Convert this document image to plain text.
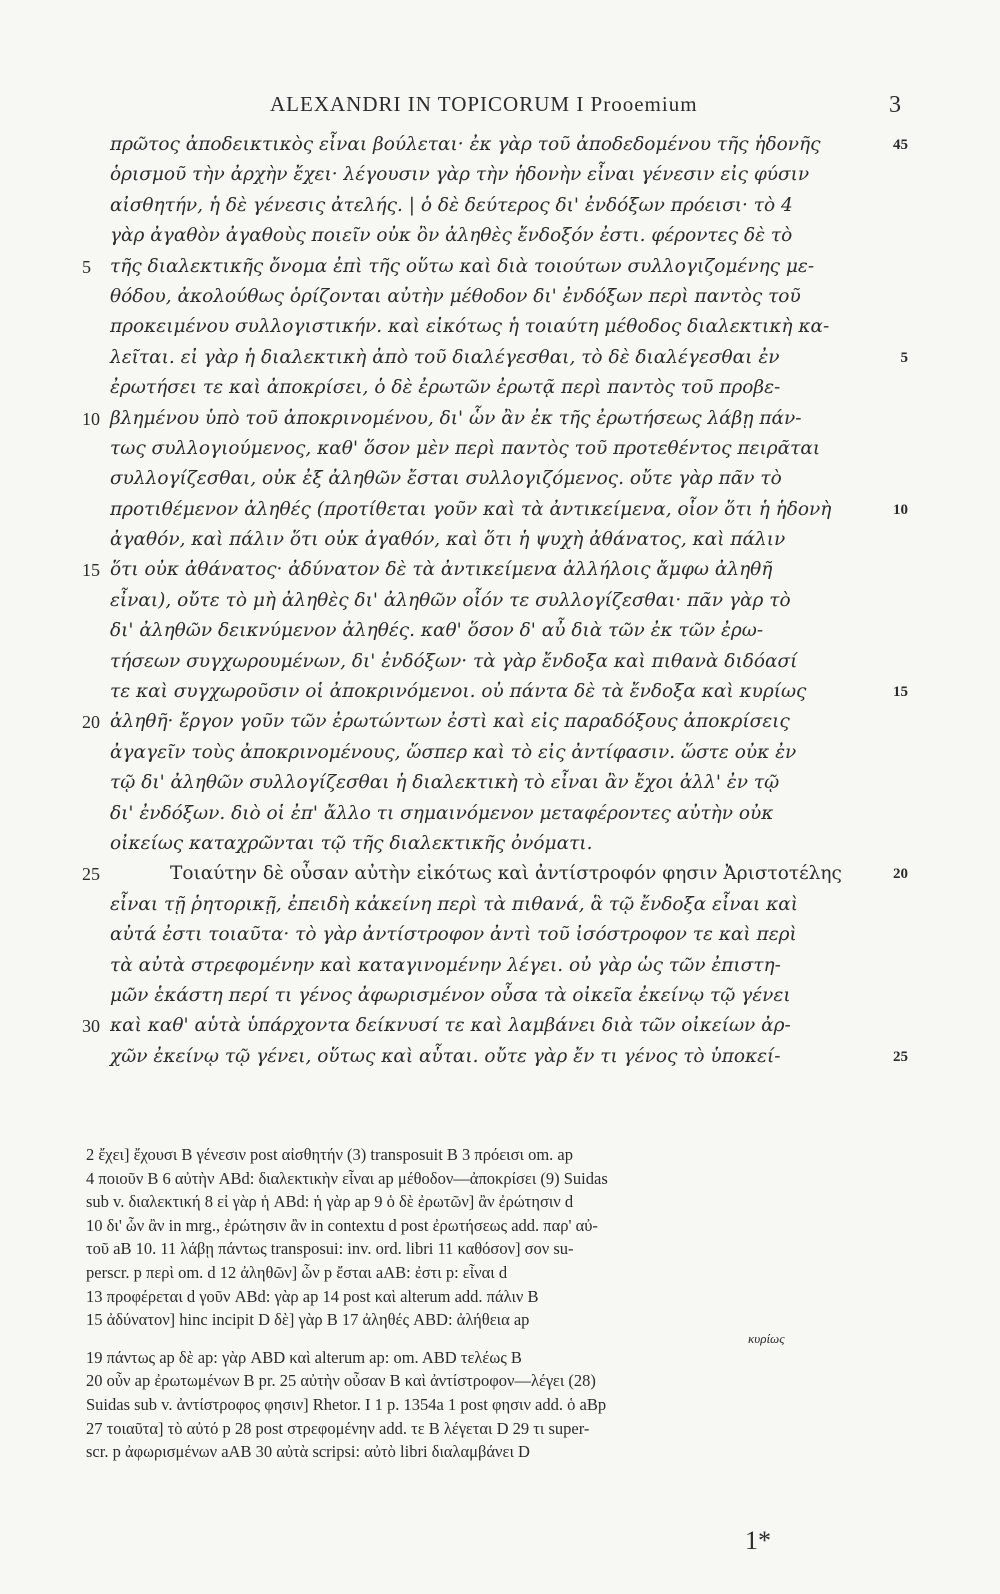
ALEXANDRI IN TOPICORUM I Prooemium	3
πρῶτος ἀποδεικτικὸς εἶναι βούλεται· ἐκ γὰρ τοῦ ἀποδεδομένου τῆς ἡδονῆς	45
ὁρισμοῦ τὴν ἀρχὴν ἔχει· λέγουσιν γὰρ τὴν ἡδονὴν εἶναι γένεσιν εἰς φύσιν
αἰσθητήν, ἡ δὲ γένεσις ἀτελής. | ὁ δὲ δεύτερος δι' ἐνδόξων πρόεισι· τὸ 4
γὰρ ἀγαθὸν ἀγαθοὺς ποιεῖν οὐκ ὂν ἀληθὲς ἔνδοξόν ἐστι. φέροντες δὲ τὸ
5 τῆς διαλεκτικῆς ὄνομα ἐπὶ τῆς οὕτω καὶ διὰ τοιούτων συλλογιζομένης με-
θόδου, ἀκολούθως ὁρίζονται αὐτὴν μέθοδον δι' ἐνδόξων περὶ παντὸς τοῦ
προκειμένου συλλογιστικήν. καὶ εἰκότως ἡ τοιαύτη μέθοδος διαλεκτικὴ κα-
λεῖται. εἰ γὰρ ἡ διαλεκτικὴ ἀπὸ τοῦ διαλέγεσθαι, τὸ δὲ διαλέγεσθαι ἐν	5
ἐρωτήσει τε καὶ ἀποκρίσει, ὁ δὲ ἐρωτῶν ἐρωτᾷ περὶ παντὸς τοῦ προβε-
10 βλημένου ὑπὸ τοῦ ἀποκρινομένου, δι' ὧν ἂν ἐκ τῆς ἐρωτήσεως λάβῃ πάν-
τως συλλογιούμενος, καθ' ὅσον μὲν περὶ παντὸς τοῦ προτεθέντος πειρᾶται
συλλογίζεσθαι, οὐκ ἐξ ἀληθῶν ἔσται συλλογιζόμενος. οὔτε γὰρ πᾶν τὸ
προτιθέμενον ἀληθές (προτίθεται γοῦν καὶ τὰ ἀντικείμενα, οἷον ὅτι ἡ ἡδονὴ	10
ἀγαθόν, καὶ πάλιν ὅτι οὐκ ἀγαθόν, καὶ ὅτι ἡ ψυχὴ ἀθάνατος, καὶ πάλιν
15 ὅτι οὐκ ἀθάνατος· ἀδύνατον δὲ τὰ ἀντικείμενα ἀλλήλοις ἄμφω ἀληθῆ
εἶναι), οὔτε τὸ μὴ ἀληθὲς δι' ἀληθῶν οἷόν τε συλλογίζεσθαι· πᾶν γὰρ τὸ
δι' ἀληθῶν δεικνύμενον ἀληθές. καθ' ὅσον δ' αὖ διὰ τῶν ἐκ τῶν ἐρω-
τήσεων συγχωρουμένων, δι' ἐνδόξων· τὰ γὰρ ἔνδοξα καὶ πιθανὰ διδόασί
τε καὶ συγχωροῦσιν οἱ ἀποκρινόμενοι. οὐ πάντα δὲ τὰ ἔνδοξα καὶ κυρίως	15
20 ἀληθῆ· ἔργον γοῦν τῶν ἐρωτώντων ἐστὶ καὶ εἰς παραδόξους ἀποκρίσεις
ἀγαγεῖν τοὺς ἀποκρινομένους, ὥσπερ καὶ τὸ εἰς ἀντίφασιν. ὥστε οὐκ ἐν
τῷ δι' ἀληθῶν συλλογίζεσθαι ἡ διαλεκτικὴ τὸ εἶναι ἂν ἔχοι ἀλλ' ἐν τῷ
δι' ἐνδόξων. διὸ οἱ ἐπ' ἄλλο τι σημαινόμενον μεταφέροντες αὐτὴν οὐκ
οἰκείως καταχρῶνται τῷ τῆς διαλεκτικῆς ὀνόματι.
25	Τοιαύτην δὲ οὖσαν αὐτὴν εἰκότως καὶ ἀντίστροφόν φησιν Ἀριστοτέλης	20
εἶναι τῇ ῥητορικῇ, ἐπειδὴ κἀκείνη περὶ τὰ πιθανά, ἃ τῷ ἔνδοξα εἶναι καὶ
αὐτά ἐστι τοιαῦτα· τὸ γὰρ ἀντίστροφον ἀντὶ τοῦ ἰσόστροφον τε καὶ περὶ
τὰ αὐτὰ στρεφομένην καὶ καταγινομένην λέγει. οὐ γὰρ ὡς τῶν ἐπιστη-
μῶν ἑκάστη περί τι γένος ἀφωρισμένον οὖσα τὰ οἰκεῖα ἐκείνῳ τῷ γένει
30 καὶ καθ' αὑτὰ ὑπάρχοντα δείκνυσί τε καὶ λαμβάνει διὰ τῶν οἰκείων ἀρ-
χῶν ἐκείνῳ τῷ γένει, οὕτως καὶ αὗται. οὔτε γὰρ ἔν τι γένος τὸ ὑποκεί-	25
2 ἔχει] ἔχουσι B γένεσιν post αἰσθητήν (3) transposuit B 3 πρόεισι om. ap
4 ποιοῦν B 6 αὐτὴν ABd: διαλεκτικὴν εἶναι ap μέθοδον—ἀποκρίσει (9) Suidas
sub v. διαλεκτική 8 εἰ γὰρ ἡ ABd: ἡ γὰρ ap 9 ὁ δὲ ἐρωτῶν] ἂν ἐρώτησιν d
10 δι' ὧν ἂν in mrg., ἐρώτησιν ἂν in contextu d post ἐρωτήσεως add. παρ' αὐ-
τοῦ aB 10. 11 λάβῃ πάντως transposui: inv. ord. libri 11 καθόσον] σον su-
perscr. p περὶ om. d 12 ἀληθῶν] ὧν p ἔσται aAB: ἐστι p: εἶναι d
13 προφέρεται d γοῦν ABd: γὰρ ap 14 post καὶ alterum add. πάλιν B
15 ἀδύνατον] hinc incipit D δὲ] γὰρ B 17 ἀληθές ABD: ἀλήθεια ap
κυρίως
19 πάντως ap δὲ ap: γὰρ ABD καὶ alterum ap: om. ABD τελέως B
20 οὖν ap ἐρωτωμένων B pr. 25 αὐτὴν οὖσαν B καὶ ἀντίστροφον—λέγει (28)
Suidas sub v. ἀντίστροφος φησιν] Rhetor. I 1 p. 1354a 1 post φησιν add. ὁ aBp
27 τοιαῦτα] τὸ αὐτό p 28 post στρεφομένην add. τε B λέγεται D 29 τι super-
scr. p ἀφωρισμένων aAB 30 αὐτὰ scripsi: αὐτὸ libri διαλαμβάνει D
1*
